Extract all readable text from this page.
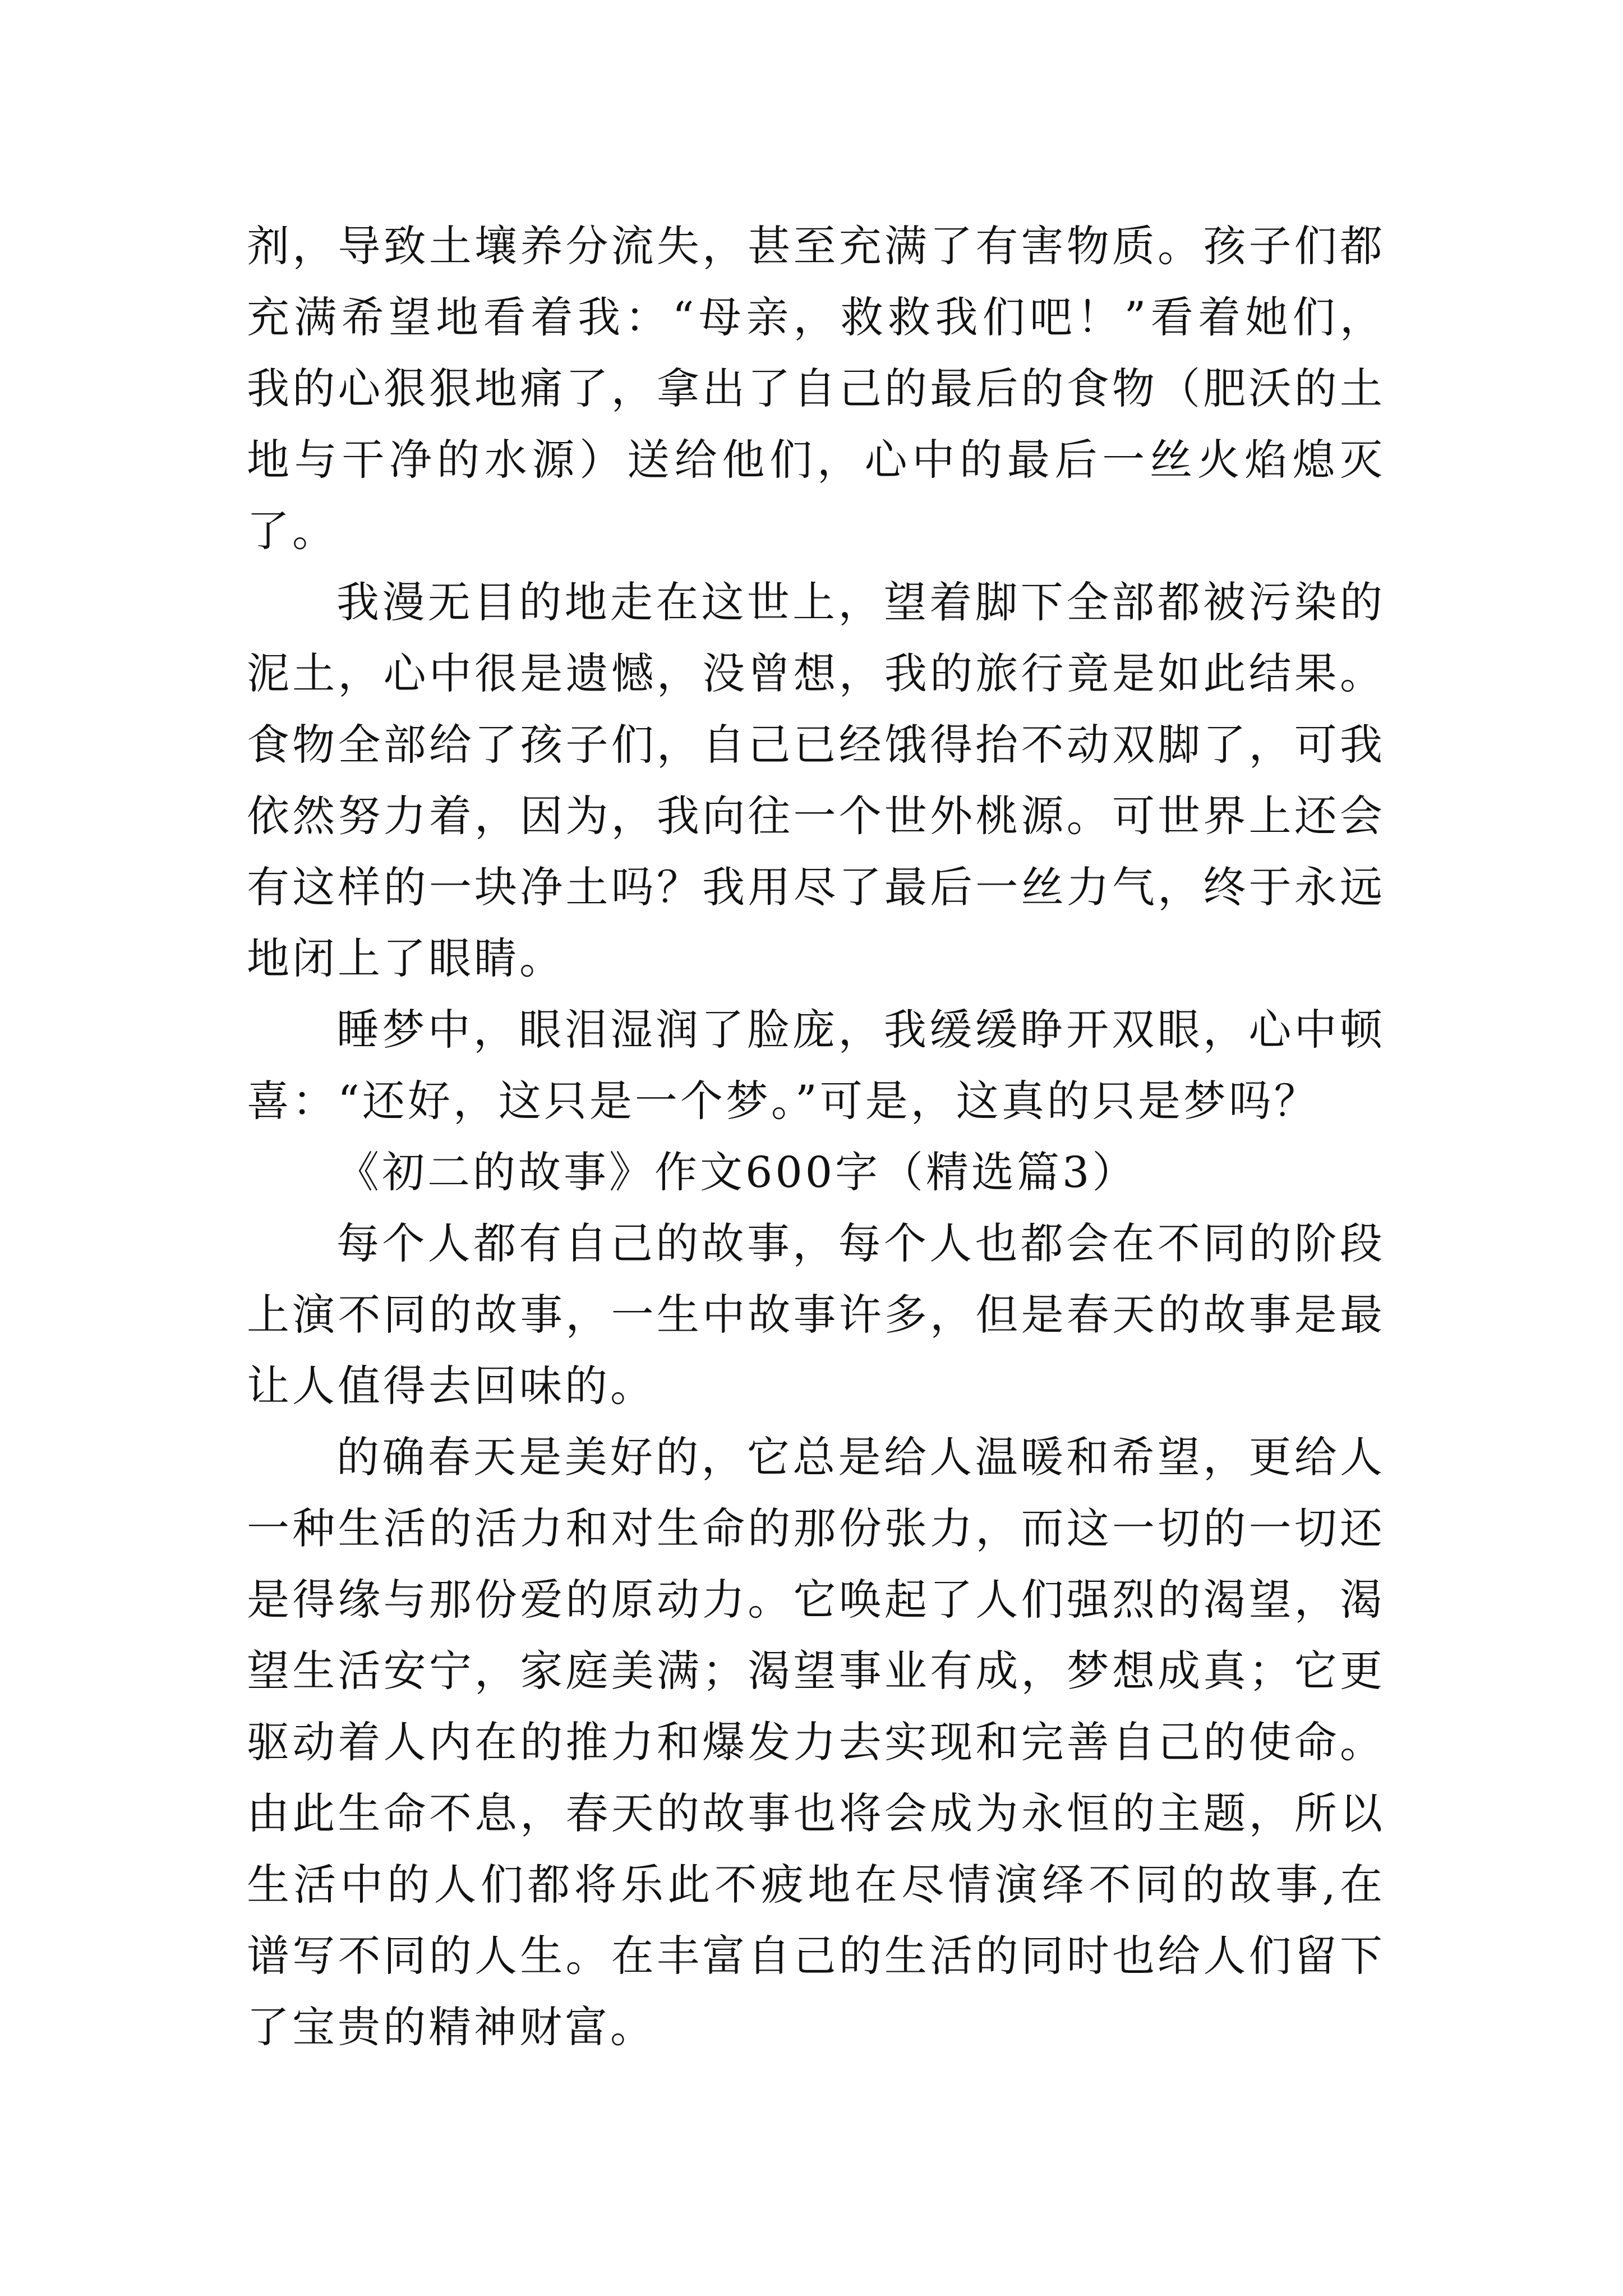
剂，导致土壤养分流失，甚至充满了有害物质。孩子们都充满希望地看着我：“母亲，救救我们吧！”看着她们，我的心狠狠地痛了，拿出了自己的最后的食物（肥沃的土地与干净的水源）送给他们，心中的最后一丝火焰熄灭了。

我漫无目的地走在这世上，望着脚下全部都被污染的泥土，心中很是遗憾，没曾想，我的旅行竟是如此结果。食物全部给了孩子们，自己已经饿得抬不动双脚了，可我依然努力着，因为，我向往一个世外桃源。可世界上还会有这样的一块净土吗？我用尽了最后一丝力气，终于永远地闭上了眼睛。

睡梦中，眼泪湿润了脸庞，我缓缓睁开双眼，心中顿喜：“还好，这只是一个梦。”可是，这真的只是梦吗？

《初二的故事》作文600字（精选篇3）

每个人都有自己的故事，每个人也都会在不同的阶段上演不同的故事，一生中故事许多，但是春天的故事是最让人值得去回味的。

的确春天是美好的，它总是给人温暖和希望，更给人一种生活的活力和对生命的那份张力，而这一切的一切还是得缘与那份爱的原动力。它唤起了人们强烈的渴望，渴望生活安宁，家庭美满；渴望事业有成，梦想成真；它更驱动着人内在的推力和爆发力去实现和完善自己的使命。由此生命不息，春天的故事也将会成为永恒的主题，所以生活中的人们都将乐此不疲地在尽情演绎不同的故事,在谱写不同的人生。在丰富自己的生活的同时也给人们留下了宝贵的精神财富。
